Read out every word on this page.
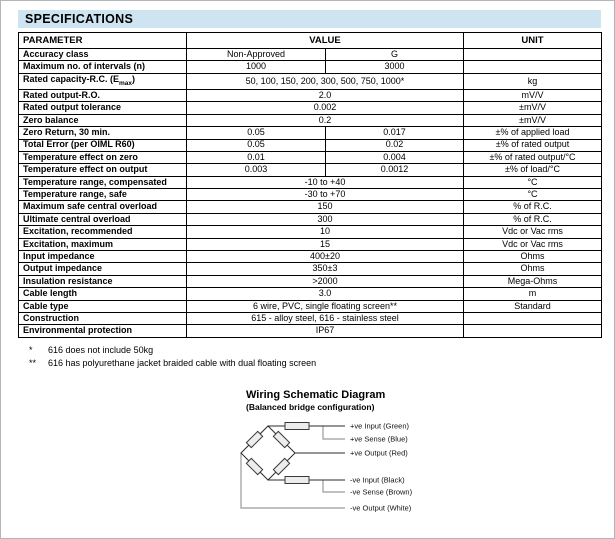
SPECIFICATIONS
PARAMETER	VALUE		UNIT
Accuracy class	Non-Approved	G	
Maximum no. of intervals (n)	1000	3000	
Rated capacity-R.C. $(E_{max})$	50, 100, 150, 200, 300, 500, 750, 1000*		kg
Rated output-R.O.	2.0		mV/V
Rated output tolerance	0.002		±mV/V
Zero balance	0.2		±mV/V
Zero Return, 30 min.	0.05	0.017	±% of applied load
Total Error (per OIML R60)	0.05	0.02	±% of rated output
Temperature effect on zero	0.01	0.004	±% of rated output/°C
Temperature effect on output	0.003	0.0012	±% of load/°C
Temperature range, compensated	-10 to +40		°C
Temperature range, safe	-30 to +70		°C
Maximum safe central overload	150		% of R.C.
Ultimate central overload	300		% of R.C.
Excitation, recommended	10		Vdc or Vac rms
Excitation, maximum	15		Vdc or Vac rms
Input impedance	400±20		Ohms
Output impedance	350±3		Ohms
Insulation resistance	>2000		Mega-Ohms
Cable length	3.0		m
Cable type	6 wire, PVC, single floating screen**		Standard
Construction	615 - alloy steel, 616 - stainless steel		
Environmental protection	IP67		
*	616 does not include 50kg
**	616 has polyurethane jacket braided cable with dual floating screen
Wiring Schematic Diagram
(Balanced bridge configuration)
+ve Input (Green)
+ve Sense (Blue)
+ve Output (Red)
-ve Input (Black)
-ve Sense (Brown)
-ve Output (White)
